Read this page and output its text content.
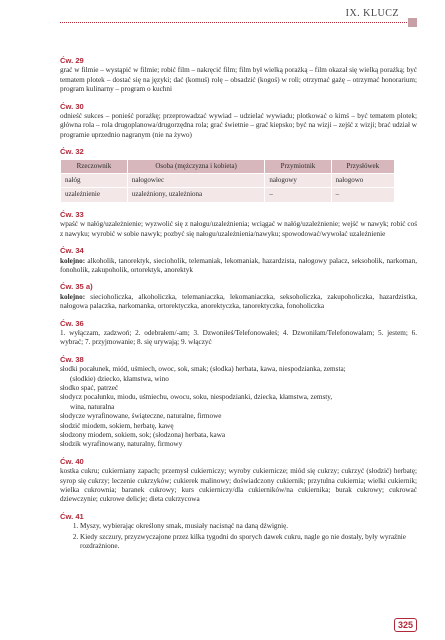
IX. KLUCZ
Ćw. 29

grać w filmie – wystąpić w filmie; robić film – nakręcić film; film był wielką porażką – film okazał się wielką porażką; być tematem plotek – dostać się na języki; dać (komuś) rolę – obsadzić (kogoś) w roli; otrzymać gażę – otrzymać honorarium; program kulinarny – program o kuchni

Ćw. 30

odnieść sukces – ponieść porażkę; przeprowadzać wywiad – udzielać wywiadu; plotkować o kimś – być tematem plotek; główna rola – rola drugoplanowa/drugorzędna rola; grać świetnie – grać kiepsko; być na wizji – zejść z wizji; brać udział w programie uprzednio nagranym (nie na żywo)

Ćw. 32
Rzeczownik	Osoba (mężczyzna i kobieta)	Przymiotnik	Przysłówek
nałóg	nałogowiec	nałogowy	nałogowo
uzależnienie	uzależniony, uzależniona	–	–
Ćw. 33

wpaść w nałóg/uzależnienie; wyzwolić się z nałogu/uzależnienia; wciągać w nałóg/uzależnienie; wejść w nawyk; robić coś z nawyku; wyrobić w sobie nawyk; pozbyć się nałogu/uzależnienia/nawyku; spowodować/wywołać uzależnienie

Ćw. 34

kolejno: alkoholik, tanorektyk, siecioholik, telemaniak, lekomaniak, hazardzista, nałogowy palacz, seksoholik, narkoman, fonoholik, zakupoholik, ortorektyk, anorektyk

Ćw. 35 a)

kolejno: siecioholiczka, alkoholiczka, telemaniaczka, lekomaniaczka, seksoholiczka, zakupoholiczka, hazardzistka, nałogowa palaczka, narkomanka, ortorektyczka, anorektyczka, tanorektyczka, fonoholiczka

Ćw. 36

1. wyłączam, zadzwoń; 2. odebrałem/-am; 3. Dzwoniłeś/Telefonowałeś; 4. Dzwoniłam/Telefonowałam; 5. jestem; 6. wybrać; 7. przyjmowanie; 8. się urywają; 9. włączyć

Ćw. 38

słodki pocałunek, miód, uśmiech, owoc, sok, smak; (słodka) herbata, kawa, niespodzianka, zemsta;

(słodkie) dziecko, kłamstwa, wino

słodko spać, patrzeć

słodycz pocałunku, miodu, uśmiechu, owocu, soku, niespodzianki, dziecka, kłamstwa, zemsty,

wina, naturalna

słodycze wyrafinowane, świąteczne, naturalne, firmowe

słodzić miodem, sokiem, herbatę, kawę

słodzony miodem, sokiem, sok; (słodzona) herbata, kawa

słodzik wyrafinowany, naturalny, firmowy

Ćw. 40

kostka cukru; cukierniany zapach; przemysł cukierniczy; wyroby cukiernicze; miód się cukrzy; cukrzyć (słodzić) herbatę; syrop się cukrzy; leczenie cukrzyków; cukierek malinowy; doświadczony cukiernik; przytulna cukiernia; wielki cukiernik; wielka cukrownia; baranek cukrowy; kurs cukierniczy/dla cukierników/na cukiernika; burak cukrowy; cukrować dziewczynie; cukrowe delicje; dieta cukrzycowa

Ćw. 41
1. Myszy, wybierając określony smak, musiały nacisnąć na daną dźwignię.
2. Kiedy szczury, przyzwyczajone przez kilka tygodni do sporych dawek cukru, nagle go nie dostały, były wyraźnie rozdrażnione.
325
